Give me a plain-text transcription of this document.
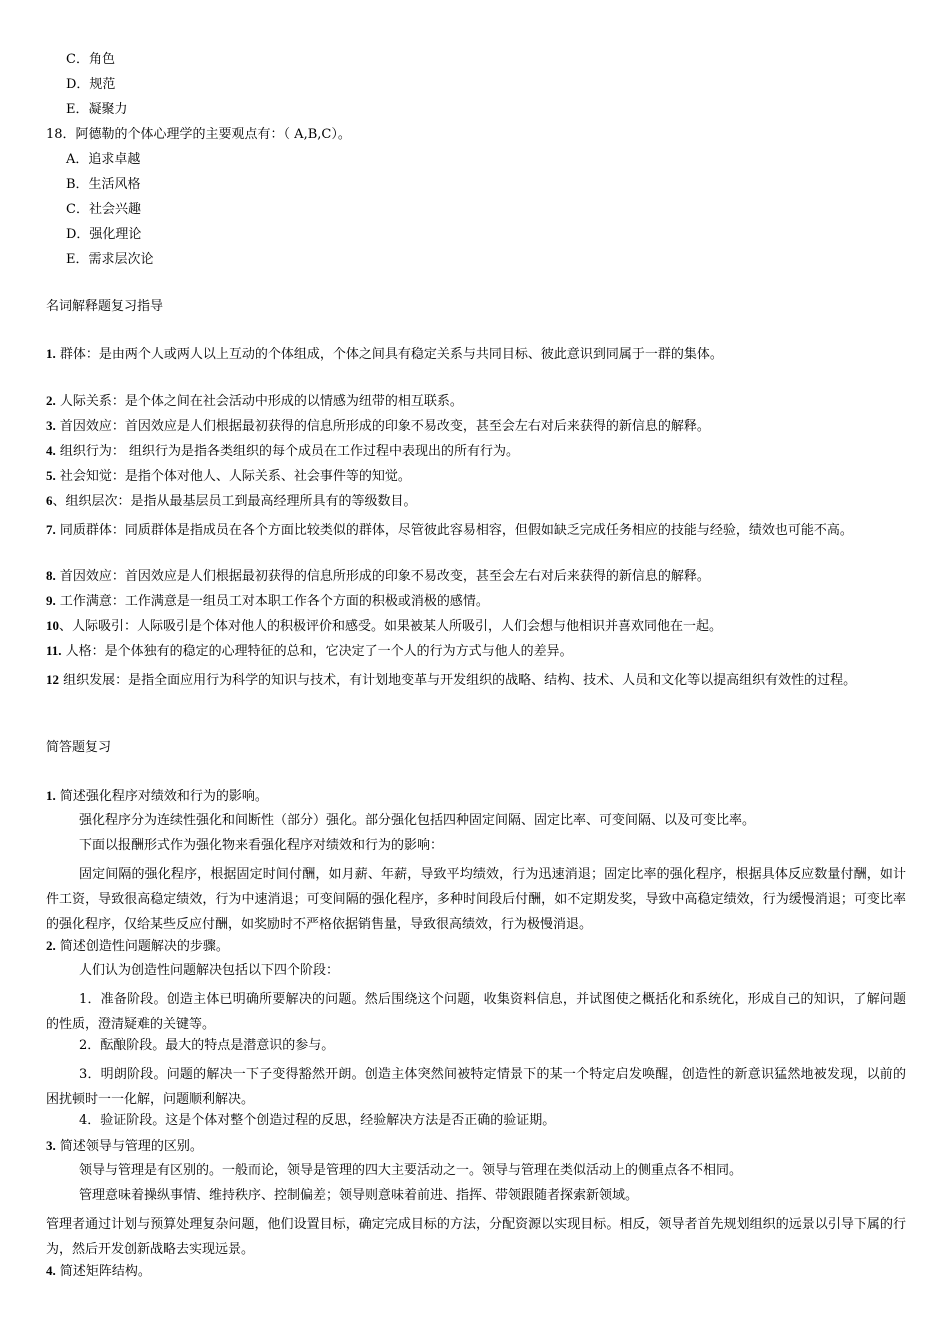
C．角色
D．规范
E．凝聚力
18．阿德勒的个体心理学的主要观点有：（ A,B,C）。
A．追求卓越
B．生活风格
C．社会兴趣
D．强化理论
E．需求层次论
名词解释题复习指导
1. 群体：是由两个人或两人以上互动的个体组成，个体之间具有稳定关系与共同目标、彼此意识到同属于一群的集体。
2. 人际关系：是个体之间在社会活动中形成的以情感为纽带的相互联系。
3. 首因效应：首因效应是人们根据最初获得的信息所形成的印象不易改变，甚至会左右对后来获得的新信息的解释。
4. 组织行为： 组织行为是指各类组织的每个成员在工作过程中表现出的所有行为。
5. 社会知觉：是指个体对他人、人际关系、社会事件等的知觉。
6、组织层次：是指从最基层员工到最高经理所具有的等级数目。
7. 同质群体：同质群体是指成员在各个方面比较类似的群体，尽管彼此容易相容，但假如缺乏完成任务相应的技能与经验，绩效也可能不高。
8. 首因效应：首因效应是人们根据最初获得的信息所形成的印象不易改变，甚至会左右对后来获得的新信息的解释。
9. 工作满意：工作满意是一组员工对本职工作各个方面的积极或消极的感情。
10、人际吸引：人际吸引是个体对他人的积极评价和感受。如果被某人所吸引，人们会想与他相识并喜欢同他在一起。
11. 人格：是个体独有的稳定的心理特征的总和，它决定了一个人的行为方式与他人的差异。
12 组织发展：是指全面应用行为科学的知识与技术，有计划地变革与开发组织的战略、结构、技术、人员和文化等以提高组织有效性的过程。
简答题复习
1. 简述强化程序对绩效和行为的影响。
强化程序分为连续性强化和间断性（部分）强化。部分强化包括四种固定间隔、固定比率、可变间隔、以及可变比率。
下面以报酬形式作为强化物来看强化程序对绩效和行为的影响：
固定间隔的强化程序，根据固定时间付酬，如月薪、年薪，导致平均绩效，行为迅速消退；固定比率的强化程序，根据具体反应数量付酬，如计件工资，导致很高稳定绩效，行为中速消退；可变间隔的强化程序，多种时间段后付酬，如不定期发奖，导致中高稳定绩效，行为缓慢消退；可变比率的强化程序，仅给某些反应付酬，如奖励时不严格依据销售量，导致很高绩效，行为极慢消退。
2. 简述创造性问题解决的步骤。
人们认为创造性问题解决包括以下四个阶段：
1．准备阶段。创造主体已明确所要解决的问题。然后围绕这个问题，收集资料信息，并试图使之概括化和系统化，形成自己的知识，了解问题的性质，澄清疑难的关键等。
2．酝酿阶段。最大的特点是潜意识的参与。
3．明朗阶段。问题的解决一下子变得豁然开朗。创造主体突然间被特定情景下的某一个特定启发唤醒，创造性的新意识猛然地被发现，以前的困扰顿时一一化解，问题顺利解决。
4．验证阶段。这是个体对整个创造过程的反思，经验解决方法是否正确的验证期。
3. 简述领导与管理的区别。
领导与管理是有区别的。一般而论，领导是管理的四大主要活动之一。领导与管理在类似活动上的侧重点各不相同。
管理意味着操纵事情、维持秩序、控制偏差；领导则意味着前进、指挥、带领跟随者探索新领域。
管理者通过计划与预算处理复杂问题，他们设置目标，确定完成目标的方法，分配资源以实现目标。相反，领导者首先规划组织的远景以引导下属的行为，然后开发创新战略去实现远景。
4. 简述矩阵结构。
